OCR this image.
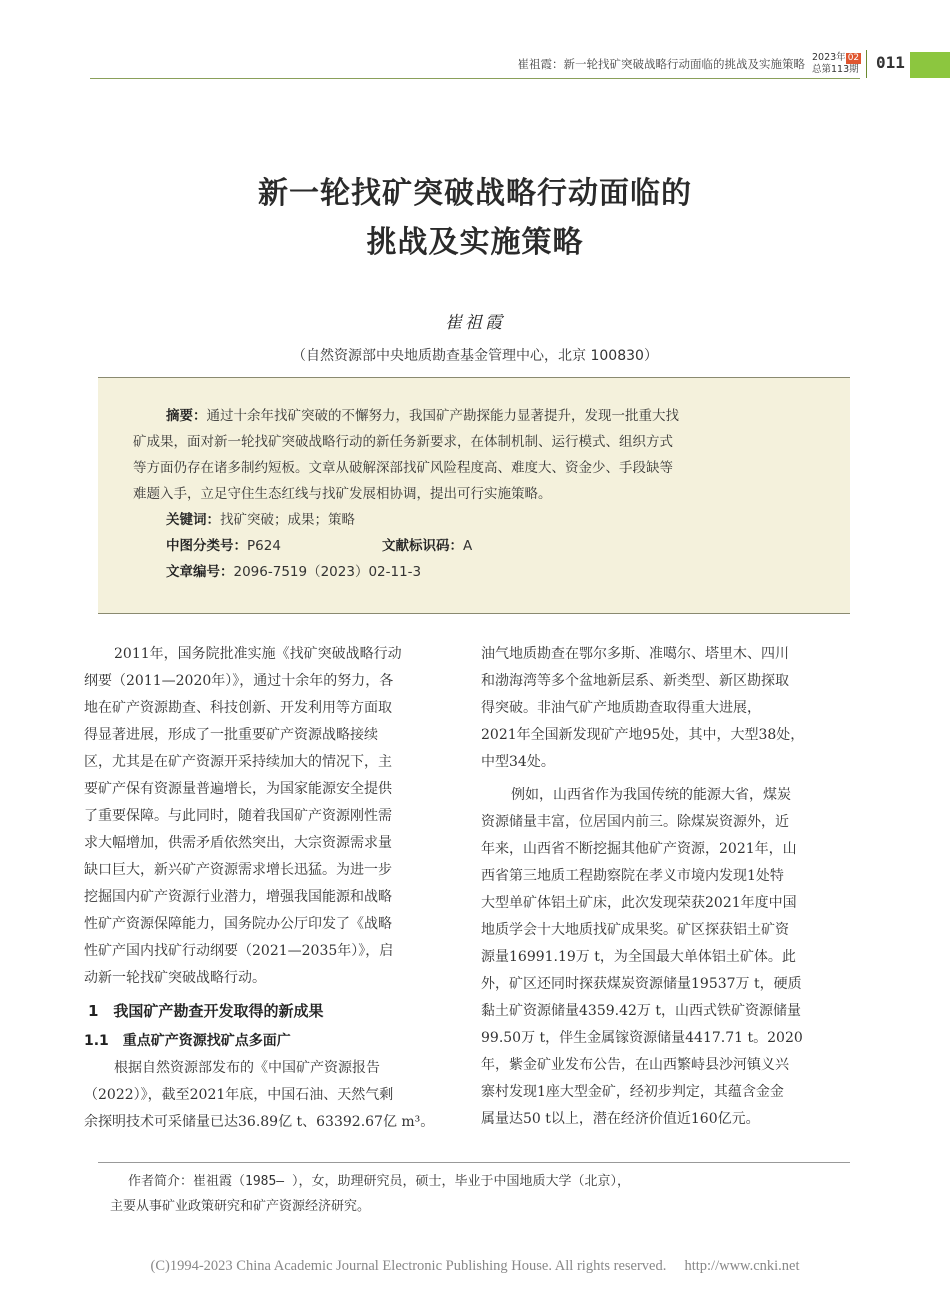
崔祖霞：新一轮找矿突破战略行动面临的挑战及实施策略 2023年 02
总第113期	011
新一轮找矿突破战略行动面临的
挑战及实施策略
崔祖霞
（自然资源部中央地质勘查基金管理中心，北京 100830）
摘要：通过十余年找矿突破的不懈努力，我国矿产勘探能力显著提升，发现一批重大找
矿成果，面对新一轮找矿突破战略行动的新任务新要求，在体制机制、运行模式、组织方式
等方面仍存在诸多制约短板。文章从破解深部找矿风险程度高、难度大、资金少、手段缺等
难题入手，立足守住生态红线与找矿发展相协调，提出可行实施策略。
关键词：找矿突破；成果；策略
中图分类号：P624	文献标识码：A
文章编号：2096-7519（2023）02-11-3
2011年，国务院批准实施《找矿突破战略行动
纲要（2011—2020年）》，通过十余年的努力，各
地在矿产资源勘查、科技创新、开发利用等方面取
得显著进展，形成了一批重要矿产资源战略接续
区，尤其是在矿产资源开采持续加大的情况下，主
要矿产保有资源量普遍增长，为国家能源安全提供
了重要保障。与此同时，随着我国矿产资源刚性需
求大幅增加，供需矛盾依然突出，大宗资源需求量
缺口巨大，新兴矿产资源需求增长迅猛。为进一步
挖掘国内矿产资源行业潜力，增强我国能源和战略
性矿产资源保障能力，国务院办公厅印发了《战略
性矿产国内找矿行动纲要（2021—2035年）》，启
动新一轮找矿突破战略行动。
1　我国矿产勘查开发取得的新成果
1.1　重点矿产资源找矿点多面广
根据自然资源部发布的《中国矿产资源报告
（2022）》，截至2021年底，中国石油、天然气剩
余探明技术可采储量已达36.89亿 t、63392.67亿 m³。
油气地质勘查在鄂尔多斯、准噶尔、塔里木、四川
和渤海湾等多个盆地新层系、新类型、新区勘探取
得突破。非油气矿产地质勘查取得重大进展，
2021年全国新发现矿产地95处，其中，大型38处，
中型34处。
例如，山西省作为我国传统的能源大省，煤炭
资源储量丰富，位居国内前三。除煤炭资源外，近
年来，山西省不断挖掘其他矿产资源，2021年，山
西省第三地质工程勘察院在孝义市境内发现1处特
大型单矿体铝土矿床，此次发现荣获2021年度中国
地质学会十大地质找矿成果奖。矿区探获铝土矿资
源量16991.19万 t，为全国最大单体铝土矿体。此
外，矿区还同时探获煤炭资源储量19537万 t，硬质
黏土矿资源储量4359.42万 t，山西式铁矿资源储量
99.50万 t，伴生金属镓资源储量4417.71 t。2020
年，紫金矿业发布公告，在山西繁峙县沙河镇义兴
寨村发现1座大型金矿，经初步判定，其蕴含金金
属量达50 t以上，潜在经济价值近160亿元。
作者简介：崔祖霞（1985— ），女，助理研究员，硕士，毕业于中国地质大学（北京），
主要从事矿业政策研究和矿产资源经济研究。
(C)1994-2023 China Academic Journal Electronic Publishing House. All rights reserved.　 http://www.cnki.net
